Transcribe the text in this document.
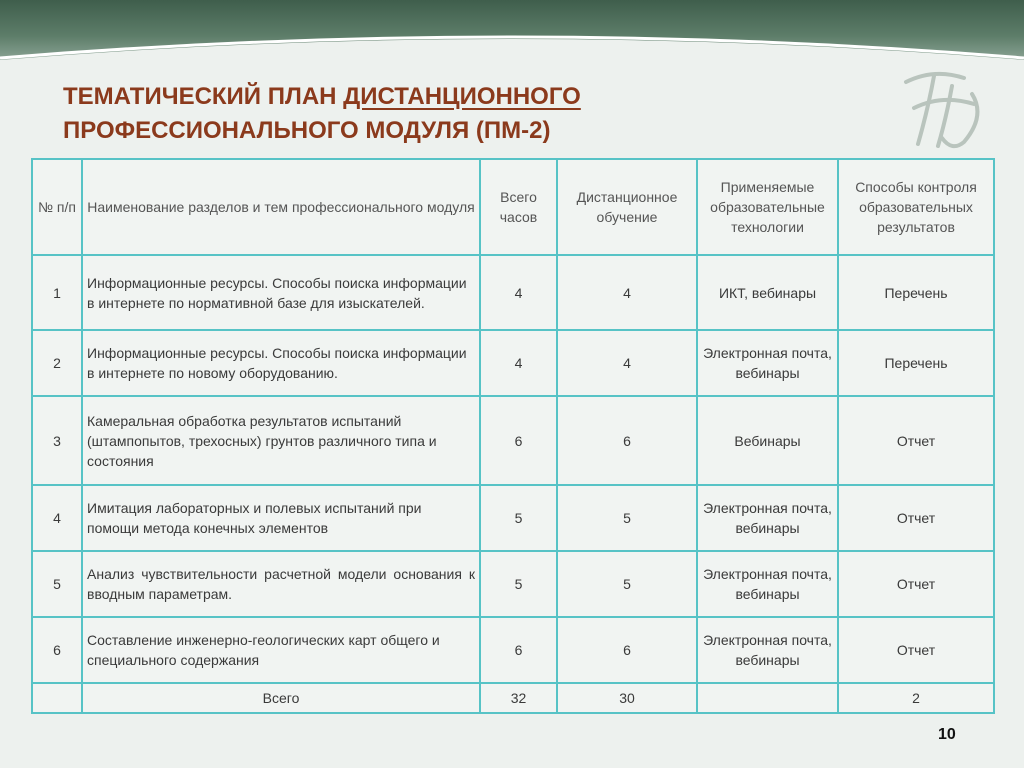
ТЕМАТИЧЕСКИЙ ПЛАН ДИСТАНЦИОННОГО
ПРОФЕССИОНАЛЬНОГО МОДУЛЯ (ПМ-2)
№ п/п	Наименование разделов и тем профессионального модуля	Всего часов	Дистанционное обучение	Применяемые образовательные технологии	Способы контроля образовательных результатов
1	Информационные ресурсы. Способы поиска информации в интернете по нормативной базе для изыскателей.	4	4	ИКТ, вебинары	Перечень
2	Информационные ресурсы. Способы поиска информации в интернете по новому оборудованию.	4	4	Электронная почта, вебинары	Перечень
3	Камеральная обработка результатов испытаний (штампопытов, трехосных) грунтов различного типа и состояния	6	6	Вебинары	Отчет
4	Имитация лабораторных и полевых испытаний при помощи метода конечных элементов	5	5	Электронная почта, вебинары	Отчет
5	Анализ чувствительности расчетной модели основания к вводным параметрам.	5	5	Электронная почта, вебинары	Отчет
6	Составление инженерно-геологических карт общего и специального содержания	6	6	Электронная почта, вебинары	Отчет
	Всего	32	30		2
10
